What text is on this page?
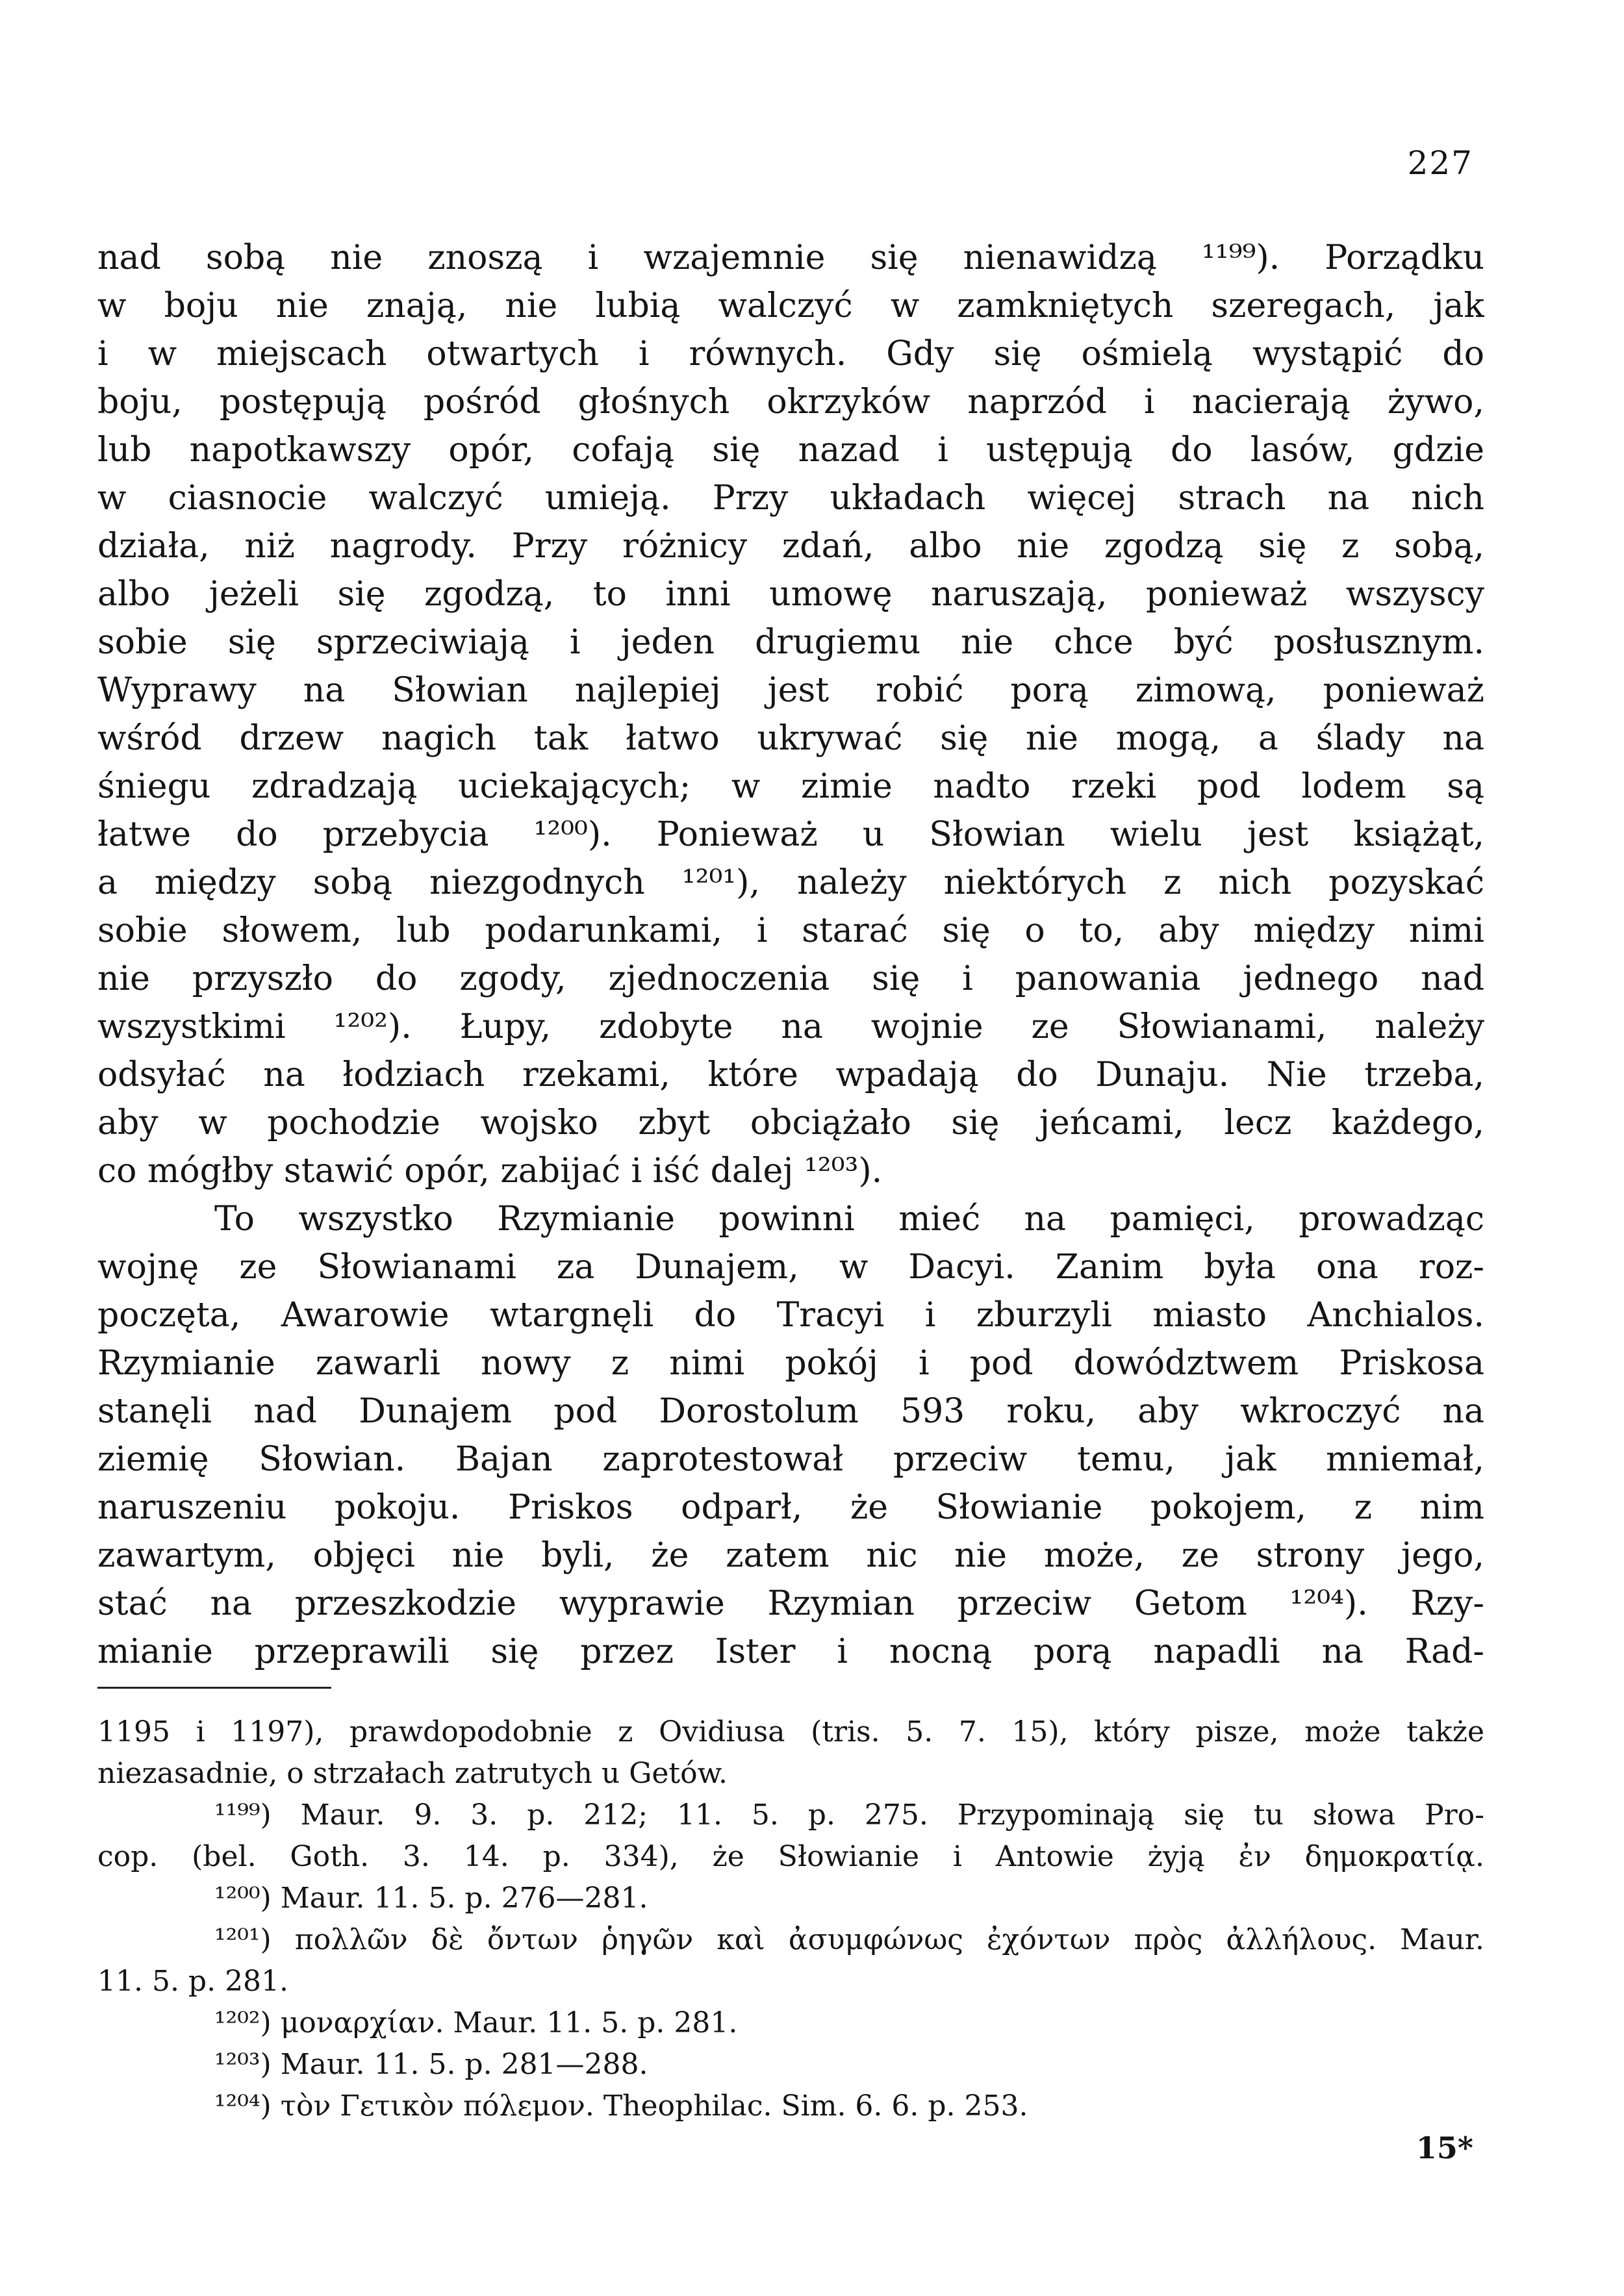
227
nad sobą nie znoszą i wzajemnie się nienawidzą ¹¹⁹⁹). Porządku
w boju nie znają, nie lubią walczyć w zamkniętych szeregach, jak
i w miejscach otwartych i równych. Gdy się ośmielą wystąpić do
boju, postępują pośród głośnych okrzyków naprzód i nacierają żywo,
lub napotkawszy opór, cofają się nazad i ustępują do lasów, gdzie
w ciasnocie walczyć umieją. Przy układach więcej strach na nich
działa, niż nagrody. Przy różnicy zdań, albo nie zgodzą się z sobą,
albo jeżeli się zgodzą, to inni umowę naruszają, ponieważ wszyscy
sobie się sprzeciwiają i jeden drugiemu nie chce być posłusznym.
Wyprawy na Słowian najlepiej jest robić porą zimową, ponieważ
wśród drzew nagich tak łatwo ukrywać się nie mogą, a ślady na
śniegu zdradzają uciekających; w zimie nadto rzeki pod lodem są
łatwe do przebycia ¹²⁰⁰). Ponieważ u Słowian wielu jest książąt,
a między sobą niezgodnych ¹²⁰¹), należy niektórych z nich pozyskać
sobie słowem, lub podarunkami, i starać się o to, aby między nimi
nie przyszło do zgody, zjednoczenia się i panowania jednego nad
wszystkimi ¹²⁰²). Łupy, zdobyte na wojnie ze Słowianami, należy
odsyłać na łodziach rzekami, które wpadają do Dunaju. Nie trzeba,
aby w pochodzie wojsko zbyt obciążało się jeńcami, lecz każdego,
co mógłby stawić opór, zabijać i iść dalej ¹²⁰³).
To wszystko Rzymianie powinni mieć na pamięci, prowadząc
wojnę ze Słowianami za Dunajem, w Dacyi. Zanim była ona roz-
poczęta, Awarowie wtargnęli do Tracyi i zburzyli miasto Anchialos.
Rzymianie zawarli nowy z nimi pokój i pod dowództwem Priskosa
stanęli nad Dunajem pod Dorostolum 593 roku, aby wkroczyć na
ziemię Słowian. Bajan zaprotestował przeciw temu, jak mniemał,
naruszeniu pokoju. Priskos odparł, że Słowianie pokojem, z nim
zawartym, objęci nie byli, że zatem nic nie może, ze strony jego,
stać na przeszkodzie wyprawie Rzymian przeciw Getom ¹²⁰⁴). Rzy-
mianie przeprawili się przez Ister i nocną porą napadli na Rad-
1195 i 1197), prawdopodobnie z Ovidiusa (tris. 5. 7. 15), który pisze, może także
niezasadnie, o strzałach zatrutych u Getów.
¹¹⁹⁹) Maur. 9. 3. p. 212; 11. 5. p. 275. Przypominają się tu słowa Pro-
cop. (bel. Goth. 3. 14. p. 334), że Słowianie i Antowie żyją ἐν δημοκρατίᾳ.
¹²⁰⁰) Maur. 11. 5. p. 276—281.
¹²⁰¹) πολλῶν δὲ ὄντων ῥηγῶν καὶ ἀσυμφώνως ἐχόντων πρὸς ἀλλήλους. Maur.
11. 5. p. 281.
¹²⁰²) μοναρχίαν. Maur. 11. 5. p. 281.
¹²⁰³) Maur. 11. 5. p. 281—288.
¹²⁰⁴) τὸν Γετικὸν πόλεμον. Theophilac. Sim. 6. 6. p. 253.
15*
